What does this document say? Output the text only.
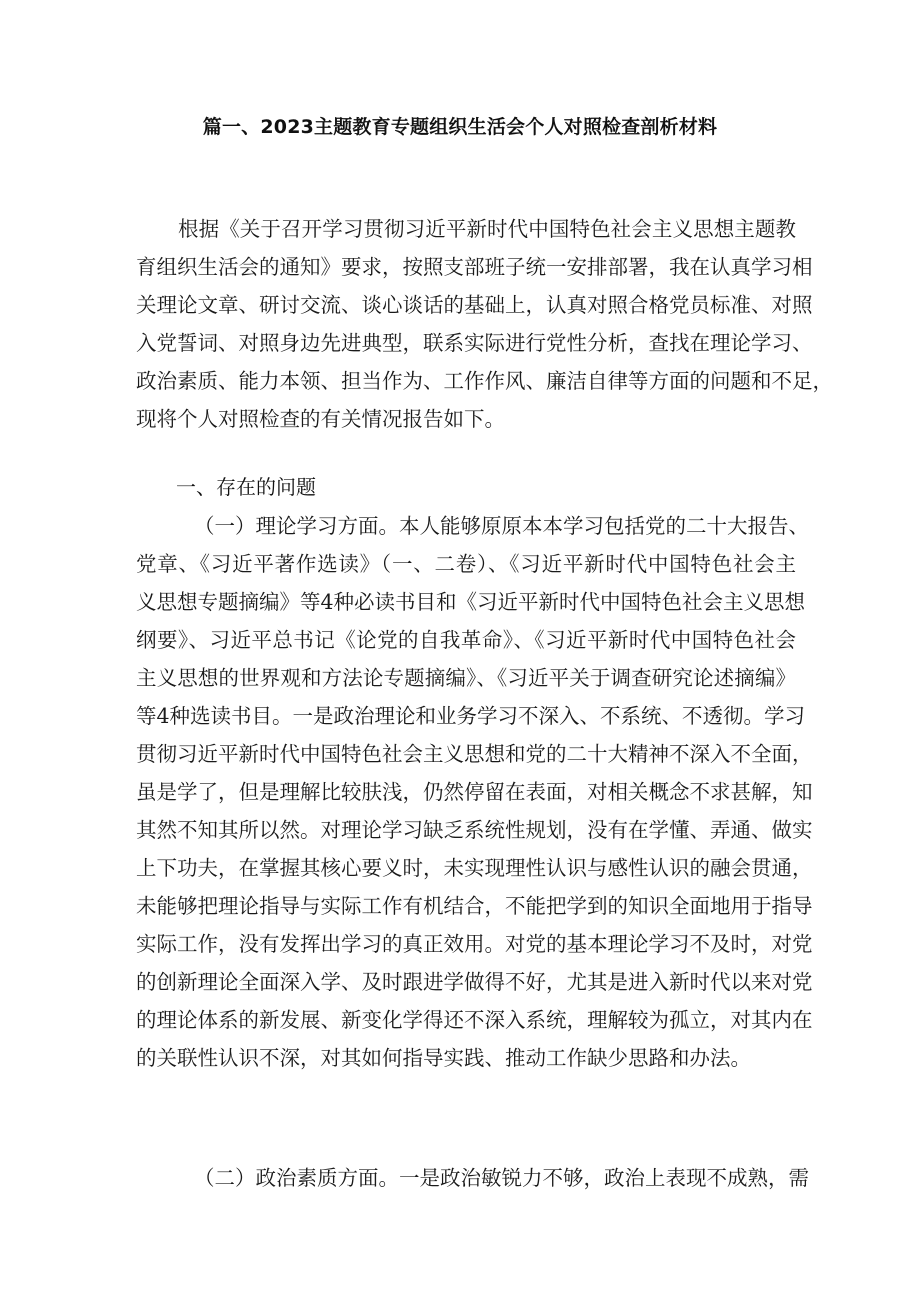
篇一、2023主题教育专题组织生活会个人对照检查剖析材料
根据《关于召开学习贯彻习近平新时代中国特色社会主义思想主题教
育组织生活会的通知》要求，按照支部班子统一安排部署，我在认真学习相
关理论文章、研讨交流、谈心谈话的基础上，认真对照合格党员标准、对照
入党誓词、对照身边先进典型，联系实际进行党性分析，查找在理论学习、
政治素质、能力本领、担当作为、工作作风、廉洁自律等方面的问题和不足，
现将个人对照检查的有关情况报告如下。
一、存在的问题
（一）理论学习方面。本人能够原原本本学习包括党的二十大报告、
党章、《习近平著作选读》（一、二卷）、《习近平新时代中国特色社会主
义思想专题摘编》等4种必读书目和《习近平新时代中国特色社会主义思想
纲要》、习近平总书记《论党的自我革命》、《习近平新时代中国特色社会
主义思想的世界观和方法论专题摘编》、《习近平关于调查研究论述摘编》
等4种选读书目。一是政治理论和业务学习不深入、不系统、不透彻。学习
贯彻习近平新时代中国特色社会主义思想和党的二十大精神不深入不全面，
虽是学了，但是理解比较肤浅，仍然停留在表面，对相关概念不求甚解，知
其然不知其所以然。对理论学习缺乏系统性规划，没有在学懂、弄通、做实
上下功夫，在掌握其核心要义时，未实现理性认识与感性认识的融会贯通，
未能够把理论指导与实际工作有机结合，不能把学到的知识全面地用于指导
实际工作，没有发挥出学习的真正效用。对党的基本理论学习不及时，对党
的创新理论全面深入学、及时跟进学做得不好，尤其是进入新时代以来对党
的理论体系的新发展、新变化学得还不深入系统，理解较为孤立，对其内在
的关联性认识不深，对其如何指导实践、推动工作缺少思路和办法。
（二）政治素质方面。一是政治敏锐力不够，政治上表现不成熟，需
